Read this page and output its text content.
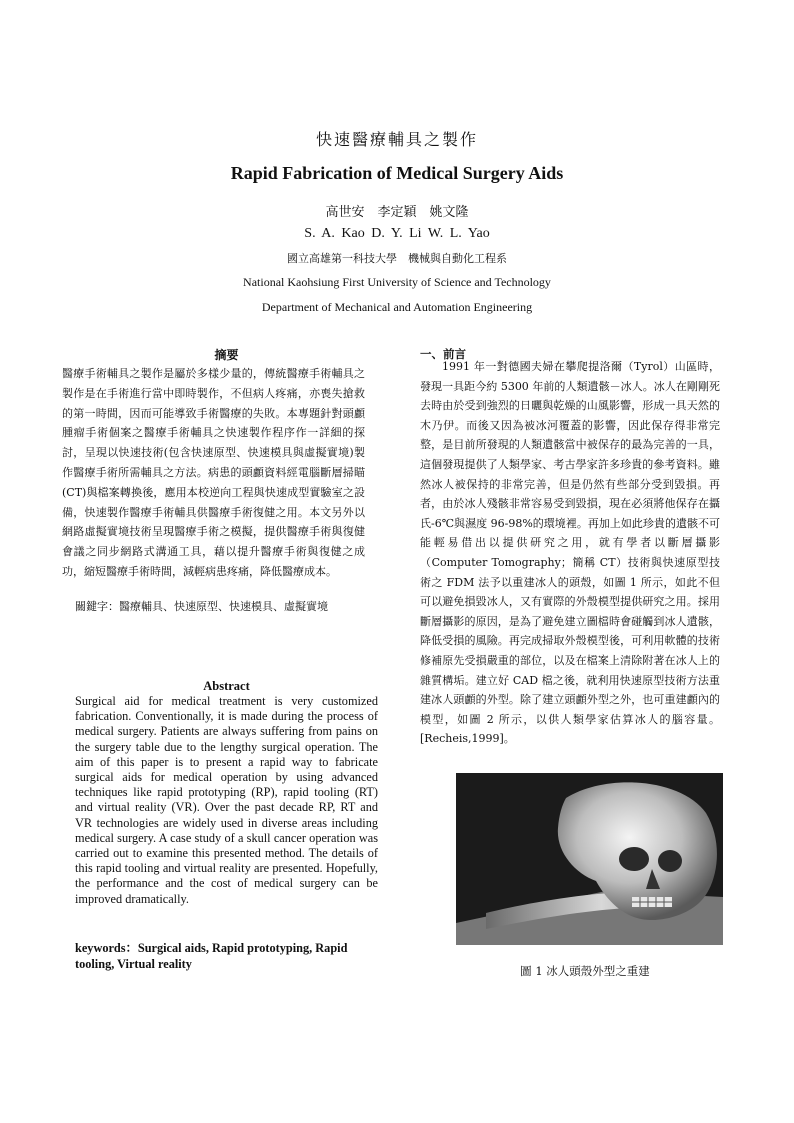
快速醫療輔具之製作
Rapid Fabrication of Medical Surgery Aids
高世安　李定穎　姚文隆
S. A. Kao D. Y. Li W. L. Yao
國立高雄第一科技大學　機械與自動化工程系
National Kaohsiung First University of Science and Technology
Department of Mechanical and Automation Engineering
摘要

醫療手術輔具之製作是屬於多樣少量的，傳統醫療手術輔具之製作是在手術進行當中即時製作，不但病人疼痛，亦喪失搶救的第一時間，因而可能導致手術醫療的失敗。本專題針對頭顱腫瘤手術個案之醫療手術輔具之快速製作程序作一詳細的探討，呈現以快速技術(包含快速原型、快速模具與虛擬實境)製作醫療手術所需輔具之方法。病患的頭顱資料經電腦斷層掃瞄(CT)與檔案轉換後，應用本校逆向工程與快速成型實驗室之設備，快速製作醫療手術輔具供醫療手術復健之用。本文另外以網路虛擬實境技術呈現醫療手術之模擬，提供醫療手術與復健會議之同步網路式溝通工具，藉以提升醫療手術與復健之成功，縮短醫療手術時間，減輕病患疼痛，降低醫療成本。

關鍵字：醫療輔具、快速原型、快速模具、虛擬實境
Abstract

Surgical aid for medical treatment is very customized fabrication. Conventionally, it is made during the process of medical surgery. Patients are always suffering from pains on the surgery table due to the lengthy surgical operation. The aim of this paper is to present a rapid way to fabricate surgical aids for medical operation by using advanced techniques like rapid prototyping (RP), rapid tooling (RT) and virtual reality (VR). Over the past decade RP, RT and VR technologies are widely used in diverse areas including medical surgery. A case study of a skull cancer operation was carried out to examine this presented method. The details of this rapid tooling and virtual reality are presented. Hopefully, the performance and the cost of medical surgery can be improved dramatically.

keywords：Surgical aids, Rapid prototyping, Rapid tooling, Virtual reality
一、前言

1991 年一對德國夫婦在攀爬提洛爾（Tyrol）山區時，發現一具距今約 5300 年前的人類遺骸－冰人。冰人在剛剛死去時由於受到強烈的日曬與乾燥的山風影響，形成一具天然的木乃伊。而後又因為被冰河覆蓋的影響，因此保存得非常完整，是目前所發現的人類遺骸當中被保存的最為完善的一具，這個發現提供了人類學家、考古學家許多珍貴的參考資料。雖然冰人被保持的非常完善，但是仍然有些部分受到毀損。再者，由於冰人殘骸非常容易受到毀損，現在必須將他保存在攝氏-6℃與濕度 96-98%的環境裡。再加上如此珍貴的遺骸不可能輕易借出以提供研究之用，就有學者以斷層攝影（Computer Tomography；簡稱 CT）技術與快速原型技術之 FDM 法予以重建冰人的頭殼，如圖 1 所示，如此不但可以避免損毀冰人，又有實際的外殼模型提供研究之用。採用斷層攝影的原因，是為了避免建立圖檔時會碰觸到冰人遺骸，降低受損的風險。再完成掃取外殼模型後，可利用軟體的技術修補原先受損嚴重的部位，以及在檔案上清除附著在冰人上的雜質構垢。建立好 CAD 檔之後，就利用快速原型技術方法重建冰人頭顱的外型。除了建立頭顱外型之外，也可重建顱內的模型，如圖 2 所示，以供人類學家估算冰人的腦容量。[Recheis,1999]。

圖 1 冰人頭殼外型之重建
